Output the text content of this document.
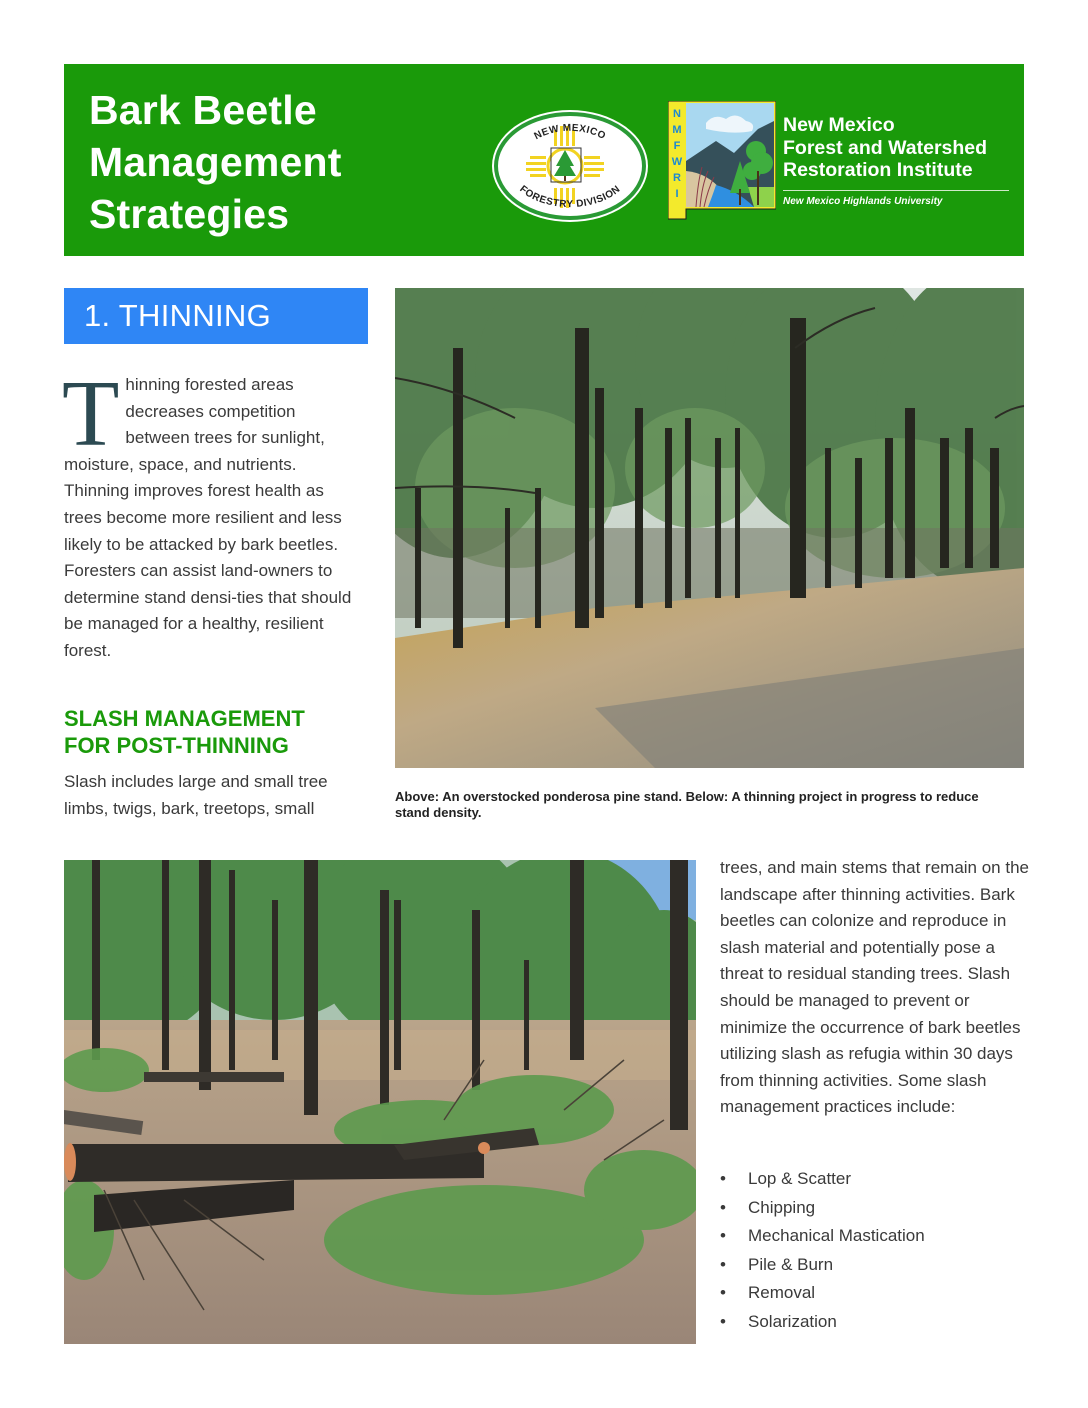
Bark Beetle
Management
Strategies
NEW MEXICO
FORESTRY DIVISION
N
M
F
W
R
I
New Mexico
Forest and Watershed
Restoration Institute
New Mexico Highlands University
1. THINNING

T hinning forested areas decreases competition between trees for sunlight, moisture, space, and nutrients. Thinning improves forest health as trees become more resilient and less likely to be attacked by bark beetles. Foresters can assist land-owners to determine stand densi-ties that should be managed for a healthy, resilient forest.

SLASH MANAGEMENT
FOR POST-THINNING

Slash includes large and small tree limbs, twigs, bark, treetops, small

Above: An overstocked ponderosa pine stand. Below: A thinning project in progress to reduce stand density.

trees, and main stems that remain on the landscape after thinning activities. Bark beetles can colonize and reproduce in slash material and potentially pose a threat to residual standing trees. Slash should be managed to prevent or minimize the occurrence of bark beetles utilizing slash as refugia within 30 days from thinning activities. Some slash management practices include:

• Lop & Scatter
• Chipping
• Mechanical Mastication
• Pile & Burn
• Removal
• Solarization
